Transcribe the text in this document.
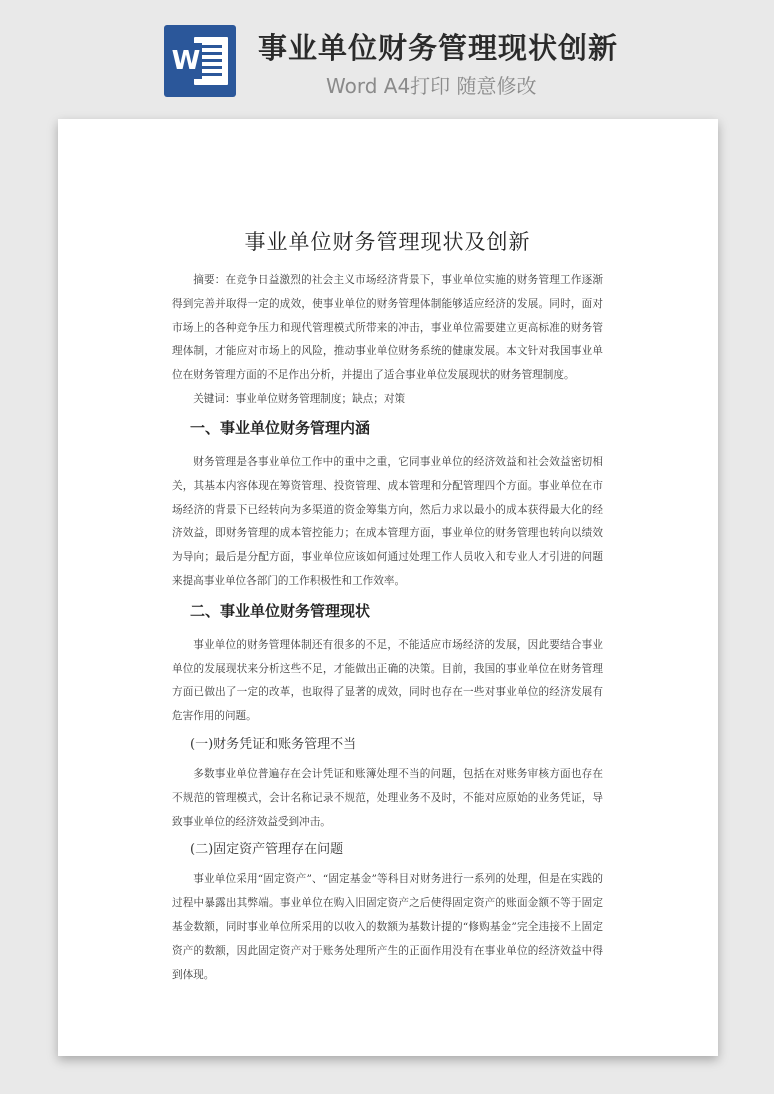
W 事业单位财务管理现状创新
Word A4打印 随意修改
事业单位财务管理现状及创新

摘要：在竞争日益激烈的社会主义市场经济背景下，事业单位实施的财务管理工作逐渐得到完善并取得一定的成效，使事业单位的财务管理体制能够适应经济的发展。同时，面对市场上的各种竞争压力和现代管理模式所带来的冲击，事业单位需要建立更高标准的财务管理体制，才能应对市场上的风险，推动事业单位财务系统的健康发展。本文针对我国事业单位在财务管理方面的不足作出分析，并提出了适合事业单位发展现状的财务管理制度。

关键词：事业单位财务管理制度；缺点；对策

一、事业单位财务管理内涵

财务管理是各事业单位工作中的重中之重，它同事业单位的经济效益和社会效益密切相关，其基本内容体现在筹资管理、投资管理、成本管理和分配管理四个方面。事业单位在市场经济的背景下已经转向为多渠道的资金筹集方向，然后力求以最小的成本获得最大化的经济效益，即财务管理的成本管控能力；在成本管理方面，事业单位的财务管理也转向以绩效为导向；最后是分配方面，事业单位应该如何通过处理工作人员收入和专业人才引进的问题来提高事业单位各部门的工作积极性和工作效率。

二、事业单位财务管理现状

事业单位的财务管理体制还有很多的不足，不能适应市场经济的发展，因此要结合事业单位的发展现状来分析这些不足，才能做出正确的决策。目前，我国的事业单位在财务管理方面已做出了一定的改革，也取得了显著的成效，同时也存在一些对事业单位的经济发展有危害作用的问题。

(一)财务凭证和账务管理不当

多数事业单位普遍存在会计凭证和账簿处理不当的问题，包括在对账务审核方面也存在不规范的管理模式，会计名称记录不规范，处理业务不及时，不能对应原始的业务凭证，导致事业单位的经济效益受到冲击。

(二)固定资产管理存在问题

事业单位采用“固定资产”、“固定基金”等科目对财务进行一系列的处理，但是在实践的过程中暴露出其弊端。事业单位在购入旧固定资产之后使得固定资产的账面金额不等于固定基金数额，同时事业单位所采用的以收入的数额为基数计提的“修购基金”完全违接不上固定资产的数额，因此固定资产对于账务处理所产生的正面作用没有在事业单位的经济效益中得到体现。
